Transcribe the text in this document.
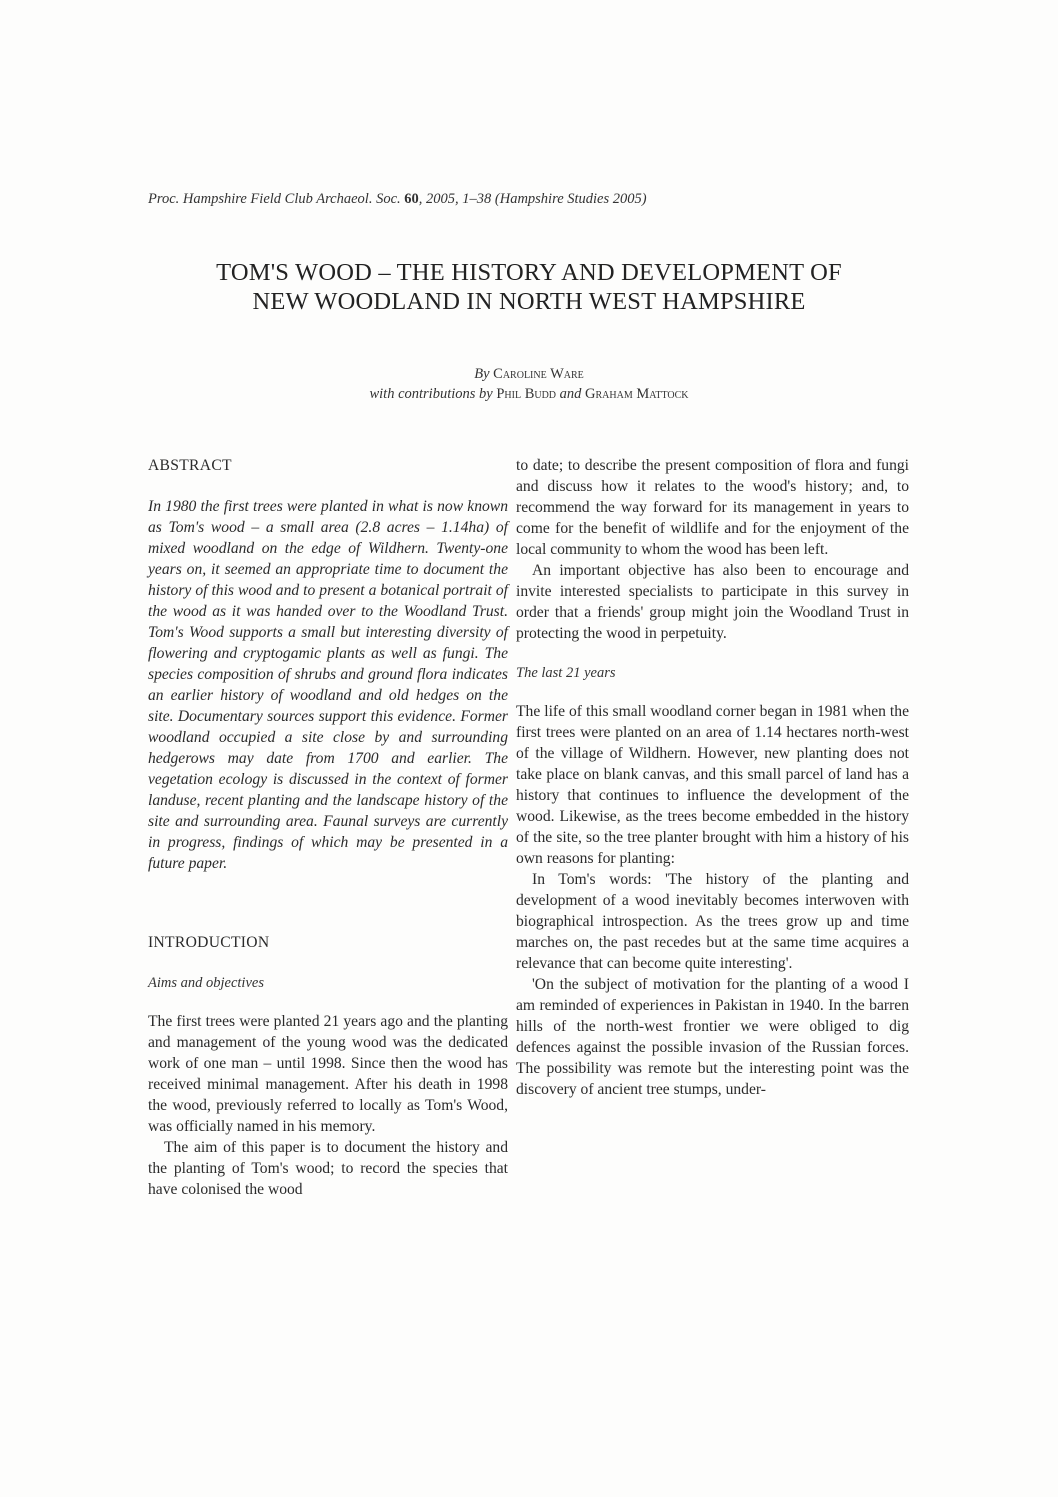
Proc. Hampshire Field Club Archaeol. Soc. 60, 2005, 1–38 (Hampshire Studies 2005)
TOM'S WOOD – THE HISTORY AND DEVELOPMENT OF
NEW WOODLAND IN NORTH WEST HAMPSHIRE
By Caroline Ware
with contributions by Phil Budd and Graham Mattock
ABSTRACT

In 1980 the first trees were planted in what is now known as Tom's wood – a small area (2.8 acres – 1.14ha) of mixed woodland on the edge of Wildhern. Twenty-one years on, it seemed an appropriate time to document the history of this wood and to present a botanical portrait of the wood as it was handed over to the Woodland Trust. Tom's Wood supports a small but interesting diversity of flowering and cryptogamic plants as well as fungi. The species composition of shrubs and ground flora indicates an earlier history of woodland and old hedges on the site. Documentary sources support this evidence. Former woodland occupied a site close by and surrounding hedgerows may date from 1700 and earlier. The vegetation ecology is discussed in the context of former landuse, recent planting and the landscape history of the site and surrounding area. Faunal surveys are currently in progress, findings of which may be presented in a future paper.

INTRODUCTION
Aims and objectives

The first trees were planted 21 years ago and the planting and management of the young wood was the dedicated work of one man – until 1998. Since then the wood has received minimal management. After his death in 1998 the wood, previously referred to locally as Tom's Wood, was officially named in his memory.

The aim of this paper is to document the history and the planting of Tom's wood; to record the species that have colonised the wood

to date; to describe the present composition of flora and fungi and discuss how it relates to the wood's history; and, to recommend the way forward for its management in years to come for the benefit of wildlife and for the enjoyment of the local community to whom the wood has been left.

An important objective has also been to encourage and invite interested specialists to participate in this survey in order that a friends' group might join the Woodland Trust in protecting the wood in perpetuity.

The last 21 years

The life of this small woodland corner began in 1981 when the first trees were planted on an area of 1.14 hectares north-west of the village of Wildhern. However, new planting does not take place on blank canvas, and this small parcel of land has a history that continues to influence the development of the wood. Likewise, as the trees become embedded in the history of the site, so the tree planter brought with him a history of his own reasons for planting:

In Tom's words: 'The history of the planting and development of a wood inevitably becomes interwoven with biographical introspection. As the trees grow up and time marches on, the past recedes but at the same time acquires a relevance that can become quite interesting'.

'On the subject of motivation for the planting of a wood I am reminded of experiences in Pakistan in 1940. In the barren hills of the north-west frontier we were obliged to dig defences against the possible invasion of the Russian forces. The possibility was remote but the interesting point was the discovery of ancient tree stumps, under-
